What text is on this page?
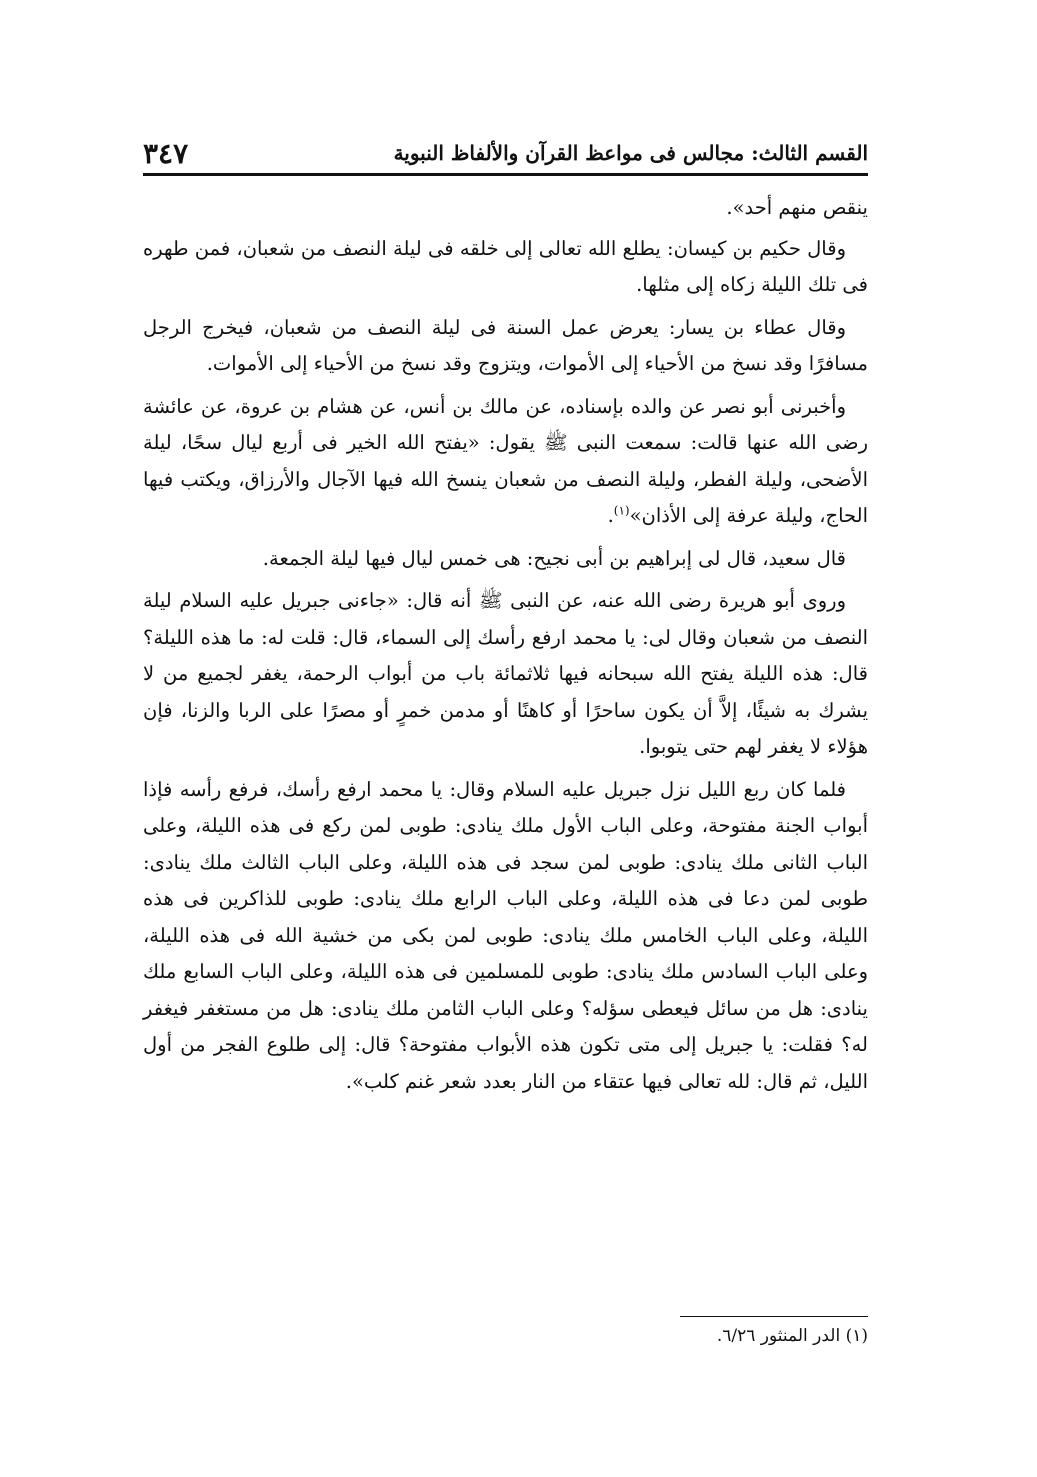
القسم الثالث: مجالس فى مواعظ القرآن والألفاظ النبوية
٣٤٧

ينقص منهم أحد».

وقال حكيم بن كيسان: يطلع الله تعالى إلى خلقه فى ليلة النصف من شعبان، فمن طهره فى تلك الليلة زكاه إلى مثلها.

وقال عطاء بن يسار: يعرض عمل السنة فى ليلة النصف من شعبان، فيخرج الرجل مسافرًا وقد نسخ من الأحياء إلى الأموات، ويتزوج وقد نسخ من الأحياء إلى الأموات.

وأخبرنى أبو نصر عن والده بإسناده، عن مالك بن أنس، عن هشام بن عروة، عن عائشة رضى الله عنها قالت: سمعت النبى ﷺ يقول: «يفتح الله الخير فى أربع ليال سحًا، ليلة الأضحى، وليلة الفطر، وليلة النصف من شعبان ينسخ الله فيها الآجال والأرزاق، ويكتب فيها الحاج، وليلة عرفة إلى الأذان»$^{(١)}$.

قال سعيد، قال لى إبراهيم بن أبى نجيح: هى خمس ليال فيها ليلة الجمعة.

وروى أبو هريرة رضى الله عنه، عن النبى ﷺ أنه قال: «جاءنى جبريل عليه السلام ليلة النصف من شعبان وقال لى: يا محمد ارفع رأسك إلى السماء، قال: قلت له: ما هذه الليلة؟ قال: هذه الليلة يفتح الله سبحانه فيها ثلاثمائة باب من أبواب الرحمة، يغفر لجميع من لا يشرك به شيئًا، إلاَّ أن يكون ساحرًا أو كاهنًا أو مدمن خمرٍ أو مصرًا على الربا والزنا، فإن هؤلاء لا يغفر لهم حتى يتوبوا.

فلما كان ربع الليل نزل جبريل عليه السلام وقال: يا محمد ارفع رأسك، فرفع رأسه فإذا أبواب الجنة مفتوحة، وعلى الباب الأول ملك ينادى: طوبى لمن ركع فى هذه الليلة، وعلى الباب الثانى ملك ينادى: طوبى لمن سجد فى هذه الليلة، وعلى الباب الثالث ملك ينادى: طوبى لمن دعا فى هذه الليلة، وعلى الباب الرابع ملك ينادى: طوبى للذاكرين فى هذه الليلة، وعلى الباب الخامس ملك ينادى: طوبى لمن بكى من خشية الله فى هذه الليلة، وعلى الباب السادس ملك ينادى: طوبى للمسلمين فى هذه الليلة، وعلى الباب السابع ملك ينادى: هل من سائل فيعطى سؤله؟ وعلى الباب الثامن ملك ينادى: هل من مستغفر فيغفر له؟ فقلت: يا جبريل إلى متى تكون هذه الأبواب مفتوحة؟ قال: إلى طلوع الفجر من أول الليل، ثم قال: لله تعالى فيها عتقاء من النار بعدد شعر غنم كلب».

(١) الدر المنثور ٦/٢٦.
